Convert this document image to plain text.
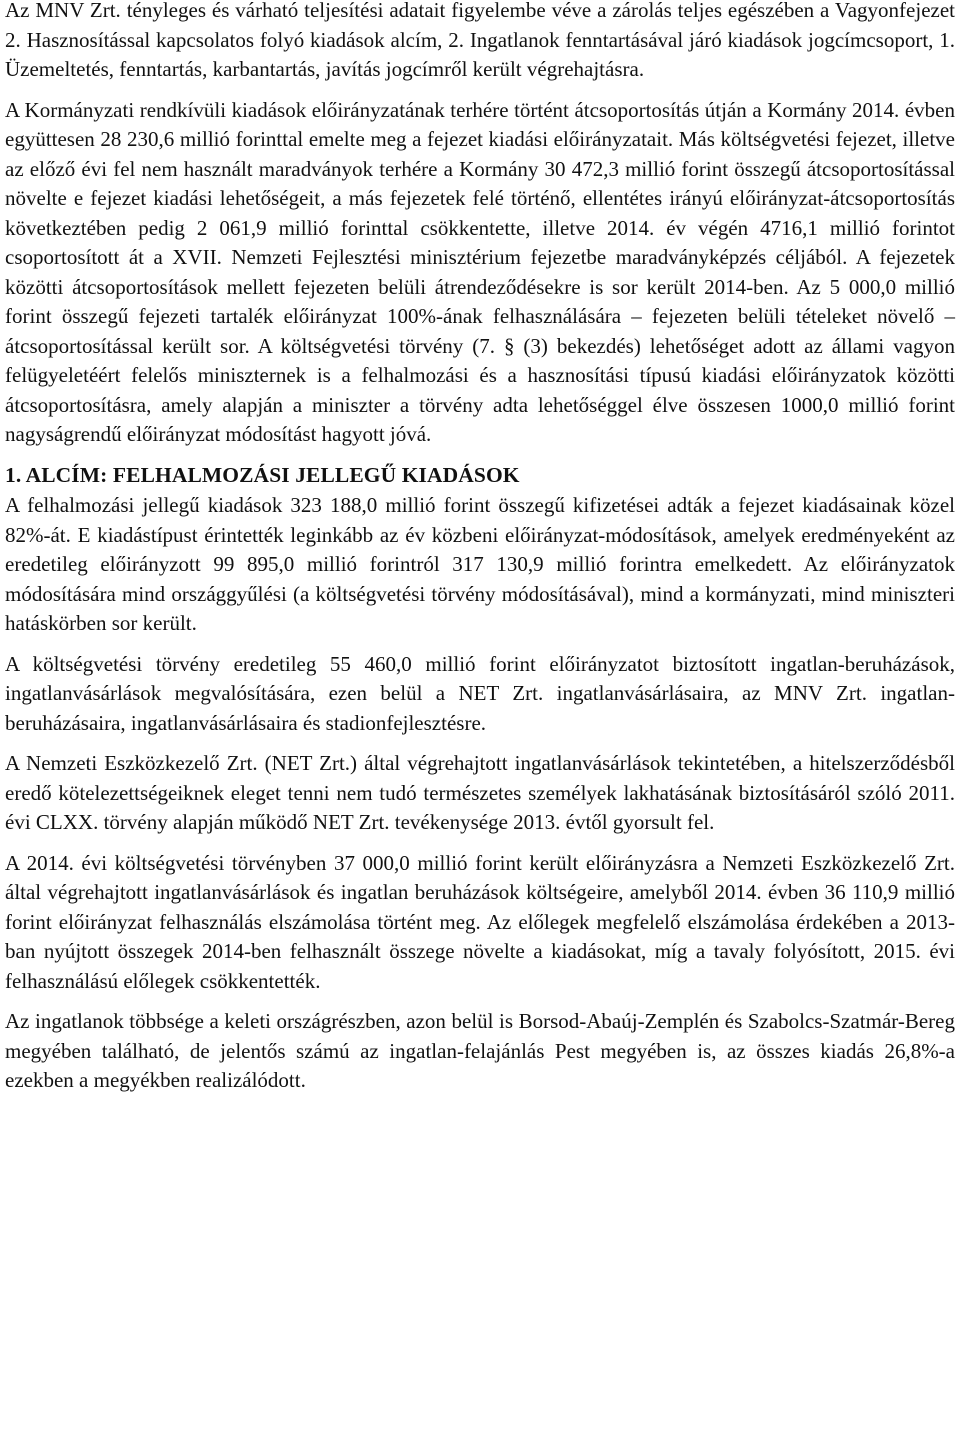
Az MNV Zrt. tényleges és várható teljesítési adatait figyelembe véve a zárolás teljes egészében a Vagyonfejezet 2. Hasznosítással kapcsolatos folyó kiadások alcím, 2. Ingatlanok fenntartásával járó kiadások jogcímcsoport, 1. Üzemeltetés, fenntartás, karbantartás, javítás jogcímről került végrehajtásra.

A Kormányzati rendkívüli kiadások előirányzatának terhére történt átcsoportosítás útján a Kormány 2014. évben együttesen 28 230,6 millió forinttal emelte meg a fejezet kiadási előirányzatait. Más költségvetési fejezet, illetve az előző évi fel nem használt maradványok terhére a Kormány 30 472,3 millió forint összegű átcsoportosítással növelte e fejezet kiadási lehetőségeit, a más fejezetek felé történő, ellentétes irányú előirányzat-átcsoportosítás következtében pedig 2 061,9 millió forinttal csökkentette, illetve 2014. év végén 4716,1 millió forintot csoportosított át a XVII. Nemzeti Fejlesztési minisztérium fejezetbe maradványképzés céljából. A fejezetek közötti átcsoportosítások mellett fejezeten belüli átrendeződésekre is sor került 2014-ben. Az 5 000,0 millió forint összegű fejezeti tartalék előirányzat 100%-ának felhasználására – fejezeten belüli tételeket növelő – átcsoportosítással került sor. A költségvetési törvény (7. § (3) bekezdés) lehetőséget adott az állami vagyon felügyeletéért felelős miniszternek is a felhalmozási és a hasznosítási típusú kiadási előirányzatok közötti átcsoportosításra, amely alapján a miniszter a törvény adta lehetőséggel élve összesen 1000,0 millió forint nagyságrendű előirányzat módosítást hagyott jóvá.

1. ALCÍM: FELHALMOZÁSI JELLEGŰ KIADÁSOK

A felhalmozási jellegű kiadások 323 188,0 millió forint összegű kifizetései adták a fejezet kiadásainak közel 82%-át. E kiadástípust érintették leginkább az év közbeni előirányzat-módosítások, amelyek eredményeként az eredetileg előirányzott 99 895,0 millió forintról 317 130,9 millió forintra emelkedett. Az előirányzatok módosítására mind országgyűlési (a költségvetési törvény módosításával), mind a kormányzati, mind miniszteri hatáskörben sor került.

A költségvetési törvény eredetileg 55 460,0 millió forint előirányzatot biztosított ingatlan-beruházások, ingatlanvásárlások megvalósítására, ezen belül a NET Zrt. ingatlanvásárlásaira, az MNV Zrt. ingatlan-beruházásaira, ingatlanvásárlásaira és stadionfejlesztésre.

A Nemzeti Eszközkezelő Zrt. (NET Zrt.) által végrehajtott ingatlanvásárlások tekintetében, a hitelszerződésből eredő kötelezettségeiknek eleget tenni nem tudó természetes személyek lakhatásának biztosításáról szóló 2011. évi CLXX. törvény alapján működő NET Zrt. tevékenysége 2013. évtől gyorsult fel.

A 2014. évi költségvetési törvényben 37 000,0 millió forint került előirányzásra a Nemzeti Eszközkezelő Zrt. által végrehajtott ingatlanvásárlások és ingatlan beruházások költségeire, amelyből 2014. évben 36 110,9 millió forint előirányzat felhasználás elszámolása történt meg. Az előlegek megfelelő elszámolása érdekében a 2013-ban nyújtott összegek 2014-ben felhasznált összege növelte a kiadásokat, míg a tavaly folyósított, 2015. évi felhasználású előlegek csökkentették.

Az ingatlanok többsége a keleti országrészben, azon belül is Borsod-Abaúj-Zemplén és Szabolcs-Szatmár-Bereg megyében található, de jelentős számú az ingatlan-felajánlás Pest megyében is, az összes kiadás 26,8%-a ezekben a megyékben realizálódott.
